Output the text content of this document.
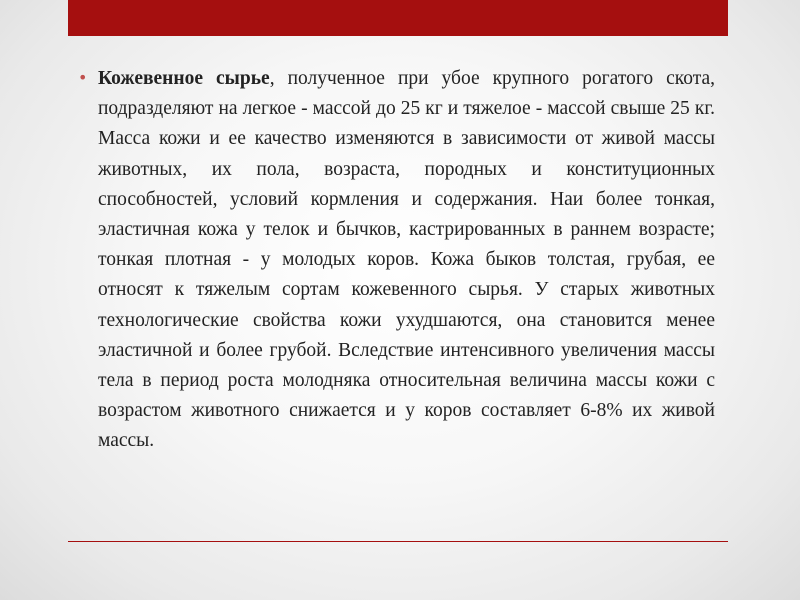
• Кожевенное сырье, полученное при убое крупного рогатого скота, подразделяют на легкое - массой до 25 кг и тяжелое - массой свыше 25 кг. Масса кожи и ее качество изменяются в зависимости от живой массы животных, их пола, возраста, породных и конституционных способностей, условий кормления и содержания. Наи более тонкая, эластичная кожа у телок и бычков, кастрированных в раннем возрасте; тонкая плотная - у молодых коров. Кожа быков толстая, грубая, ее относят к тяжелым сортам кожевенного сырья. У старых животных технологические свойства кожи ухудшаются, она становится менее эластичной и более грубой. Вследствие интенсивного увеличения массы тела в период роста молодняка относительная величина массы кожи с возрастом животного снижается и у коров составляет 6-8% их живой массы.
